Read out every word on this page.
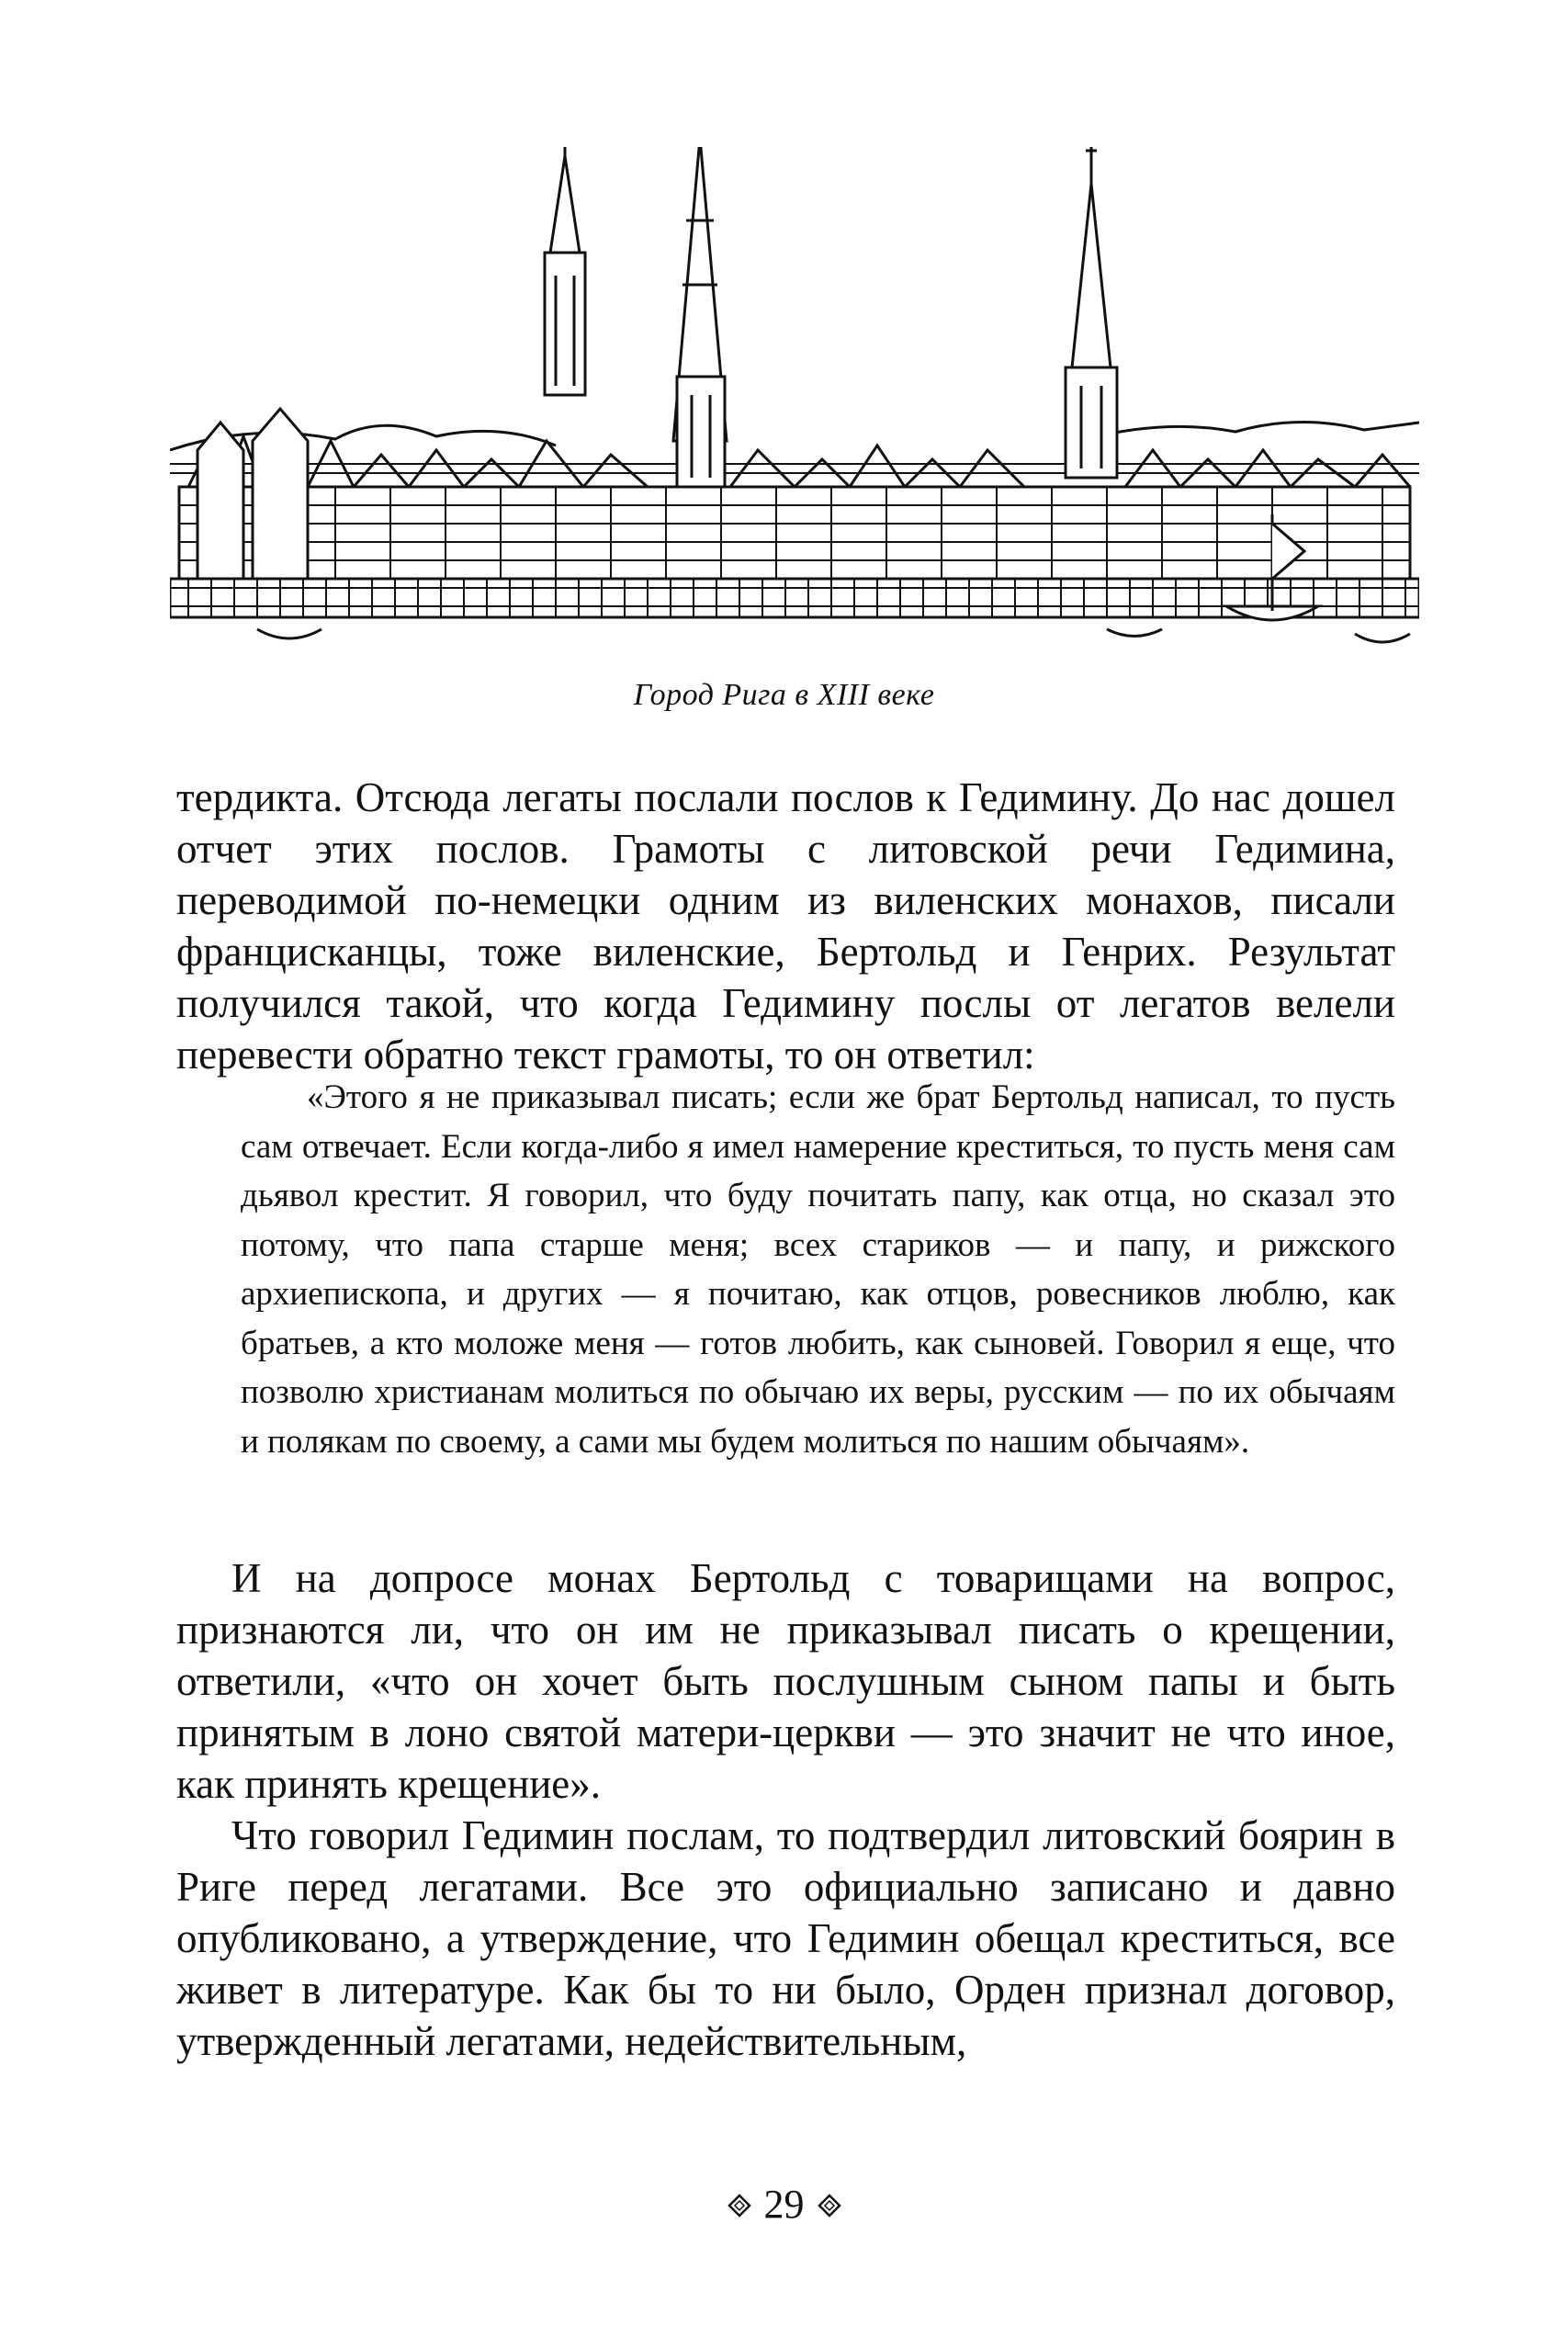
Город Рига в XIII веке

тердикта. Отсюда легаты послали послов к Гедимину. До нас дошел отчет этих послов. Грамоты с литовской речи Гедимина, переводимой по-немецки одним из виленских монахов, писали францисканцы, тоже виленские, Бертольд и Генрих. Результат получился такой, что когда Гедимину послы от легатов велели перевести обратно текст грамоты, то он ответил:

«Этого я не приказывал писать; если же брат Бертольд написал, то пусть сам отвечает. Если когда-либо я имел намерение креститься, то пусть меня сам дьявол крестит. Я говорил, что буду почитать папу, как отца, но сказал это потому, что папа старше меня; всех стариков — и папу, и рижского архиепископа, и других — я почитаю, как отцов, ровесников люблю, как братьев, а кто моложе меня — готов любить, как сыновей. Говорил я еще, что позволю христианам молиться по обычаю их веры, русским — по их обычаям и полякам по своему, а сами мы будем молиться по нашим обычаям».

И на допросе монах Бертольд с товарищами на вопрос, признаются ли, что он им не приказывал писать о крещении, ответили, «что он хочет быть послушным сыном папы и быть принятым в лоно святой матери-церкви — это значит не что иное, как принять крещение».

Что говорил Гедимин послам, то подтвердил литовский боярин в Риге перед легатами. Все это официально записано и давно опубликовано, а утверждение, что Гедимин обещал креститься, все живет в литературе. Как бы то ни было, Орден признал договор, утвержденный легатами, недействительным,

29
